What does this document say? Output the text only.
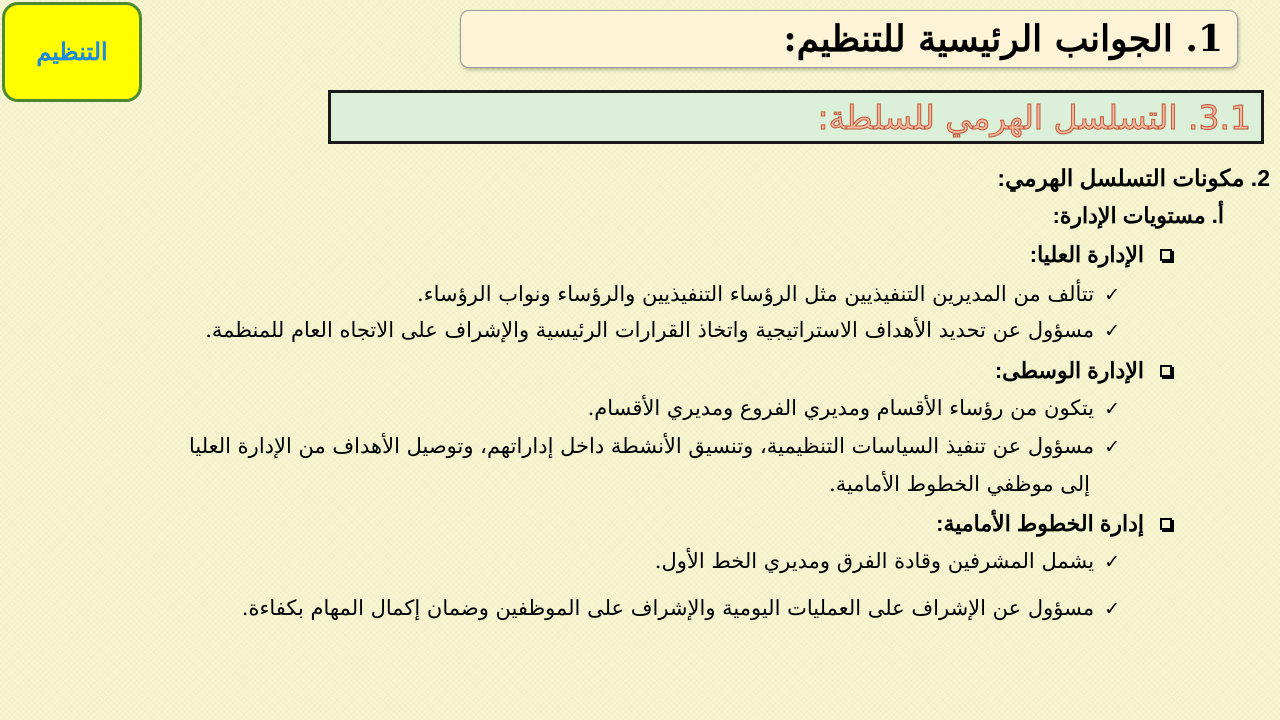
التنظيم	1. الجوانب الرئيسية للتنظيم:
3.1. التسلسل الهرمي للسلطة:
2. مكونات التسلسل الهرمي:
أ. مستويات الإدارة:
الإدارة العليا:
✓تتألف من المديرين التنفيذيين مثل الرؤساء التنفيذيين والرؤساء ونواب الرؤساء.
✓مسؤول عن تحديد الأهداف الاستراتيجية واتخاذ القرارات الرئيسية والإشراف على الاتجاه العام للمنظمة.
الإدارة الوسطى:
✓يتكون من رؤساء الأقسام ومديري الفروع ومديري الأقسام.
✓مسؤول عن تنفيذ السياسات التنظيمية، وتنسيق الأنشطة داخل إداراتهم، وتوصيل الأهداف من الإدارة العليا
إلى موظفي الخطوط الأمامية.
إدارة الخطوط الأمامية:
✓يشمل المشرفين وقادة الفرق ومديري الخط الأول.
✓مسؤول عن الإشراف على العمليات اليومية والإشراف على الموظفين وضمان إكمال المهام بكفاءة.
